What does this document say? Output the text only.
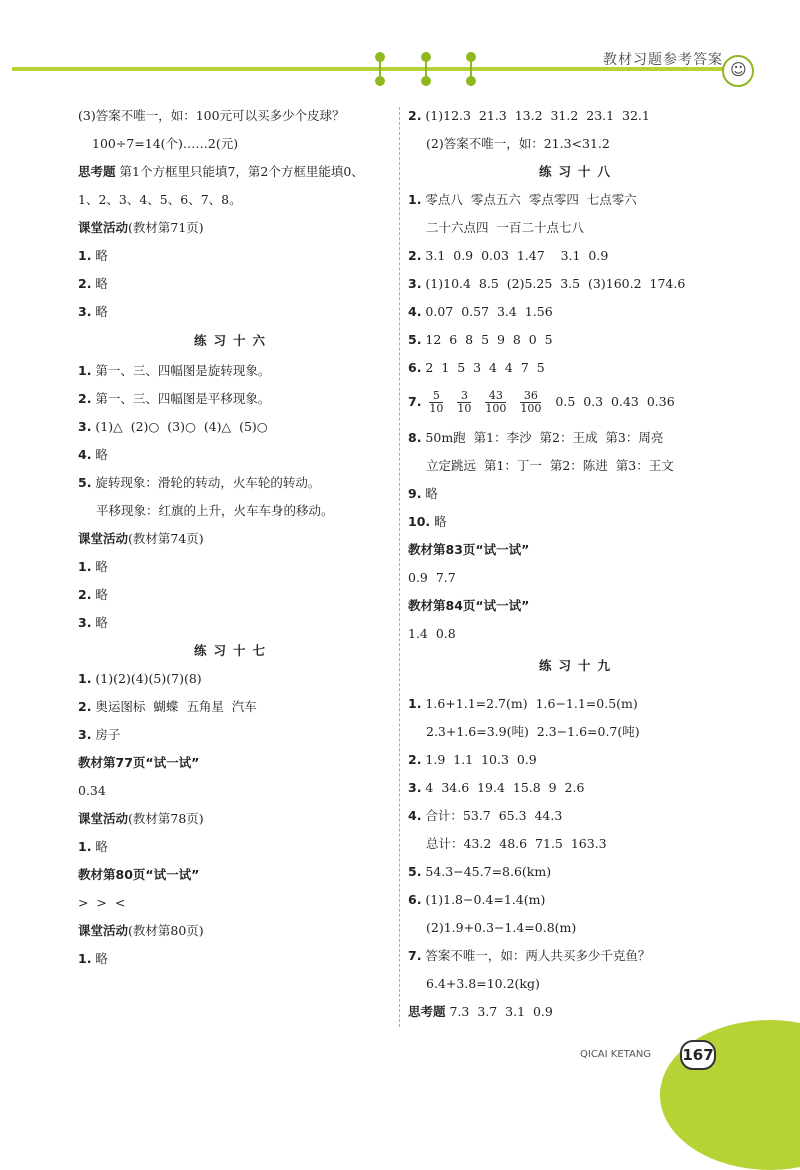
教材习题参考答案 ☺
(3)答案不唯一，如：100元可以买多少个皮球？
100÷7=14(个)……2(元)
思考题 第1个方框里只能填7，第2个方框里能填0、
1、2、3、4、5、6、7、8。
课堂活动(教材第71页)
1. 略
2. 略
3. 略
练习十六
1. 第一、三、四幅图是旋转现象。
2. 第一、三、四幅图是平移现象。
3. (1)△  (2)○  (3)○  (4)△  (5)○
4. 略
5. 旋转现象：滑轮的转动，火车轮的转动。
平移现象：红旗的上升，火车车身的移动。
课堂活动(教材第74页)
1. 略
2. 略
3. 略
练习十七
1. (1)(2)(4)(5)(7)(8)
2. 奥运图标  蝴蝶  五角星  汽车
3. 房子
教材第77页“试一试”
0.34
课堂活动(教材第78页)
1. 略
教材第80页“试一试”
>  >  <
课堂活动(教材第80页)
1. 略
2. (1)12.3  21.3  13.2  31.2  23.1  32.1
(2)答案不唯一，如：21.3<31.2
练习十八
1. 零点八  零点五六  零点零四  七点零六
二十六点四  一百二十点七八
2. 3.1  0.9  0.03  1.47    3.1  0.9
3. (1)10.4  8.5  (2)5.25  3.5  (3)160.2  174.6
4. 0.07  0.57  3.4  1.56
5. 12  6  8  5  9  8  0  5
6. 2  1  5  3  4  4  7  5
7. $\frac{5}{10} \frac{3}{10} \frac{43}{100} \frac{36}{100} 0.5$  0.3  0.43  0.36
8. 50m跑  第1：李沙  第2：王成  第3：周亮
立定跳远  第1：丁一  第2：陈进  第3：王文
9. 略
10. 略
教材第83页“试一试”
0.9  7.7
教材第84页“试一试”
1.4  0.8
练习十九
1. 1.6+1.1=2.7(m)  1.6−1.1=0.5(m)
2.3+1.6=3.9(吨)  2.3−1.6=0.7(吨)
2. 1.9  1.1  10.3  0.9
3. 4  34.6  19.4  15.8  9  2.6
4. 合计：53.7  65.3  44.3
总计：43.2  48.6  71.5  163.3
5. 54.3−45.7=8.6(km)
6. (1)1.8−0.4=1.4(m)
(2)1.9+0.3−1.4=0.8(m)
7. 答案不唯一，如：两人共买多少千克鱼？
6.4+3.8=10.2(kg)
思考题 7.3  3.7  3.1  0.9
QICAI KETANG 167
